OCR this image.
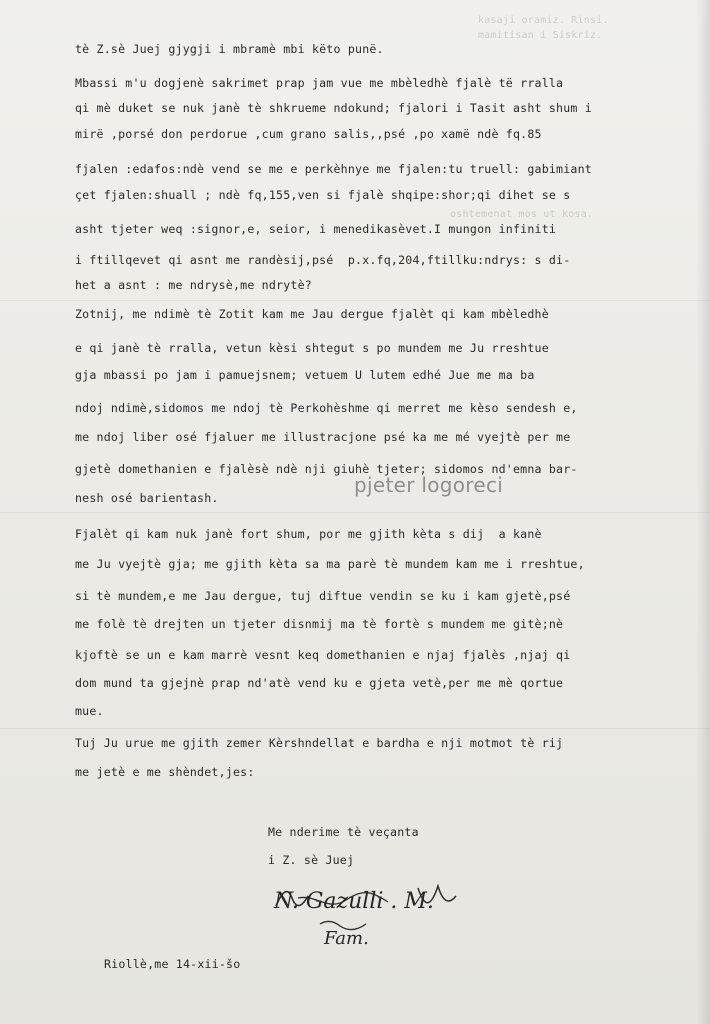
kasaji oramiz. Rinsi.
mamitisan i Siskriz.
oshtemenat mos ut kosa.
tè Z.sè Juej gjygji i mbramè mbi këto punë.
Mbassi m'u dogjenè sakrimet prap jam vue me mbèledhè fjalè të rralla
qi mè duket se nuk janè tè shkrueme ndokund; fjalori i Tasit asht shum i
mirë ,porsé don perdorue ,cum grano salis,,psé ,po xamë ndè fq.85
fjalen :edafos:ndè vend se me e perkèhnye me fjalen:tu truell: gabimiant
çet fjalen:shuall ; ndè fq,155,ven si fjalè shqipe:shor;qi dihet se s
asht tjeter weq :signor,e, seior, i menedikasèvet.I mungon infiniti
i ftillqevet qi asnt me randèsij,psé  p.x.fq,204,ftillku:ndrys: s di-
het a asnt : me ndrysè,me ndrytè?
Zotnij, me ndimè tè Zotit kam me Jau dergue fjalèt qi kam mbèledhè
e qi janè tè rralla, vetun kèsi shtegut s po mundem me Ju rreshtue
gja mbassi po jam i pamuejsnem; vetuem U lutem edhé Jue me ma ba
ndoj ndimè,sidomos me ndoj tè Perkohèshme qi merret me kèso sendesh e,
me ndoj liber osé fjaluer me illustracjone psé ka me mé vyejtè per me
gjetè domethanien e fjalèsè ndè nji giuhè tjeter; sidomos nd'emna bar-
nesh osé barientash.
Fjalèt qi kam nuk janè fort shum, por me gjith kèta s dij  a kanè
me Ju vyejtè gja; me gjith kèta sa ma parè tè mundem kam me i rreshtue,
si tè mundem,e me Jau dergue, tuj diftue vendin se ku i kam gjetè,psé
me folè tè drejten un tjeter disnmij ma tè fortè s mundem me gitè;nè
kjoftè se un e kam marrè vesnt keq domethanien e njaj fjalès ,njaj qi
dom mund ta gjejnè prap nd'atè vend ku e gjeta vetè,per me mè qortue
mue.
Tuj Ju urue me gjith zemer Kèrshndellat e bardha e nji motmot tè rij
me jetè e me shèndet,jes:
Me nderime tè veçanta
i Z. sè Juej
N. Gazulli . M.
Fam.
Riollè,me 14-xii-šo
pjeter logoreci
